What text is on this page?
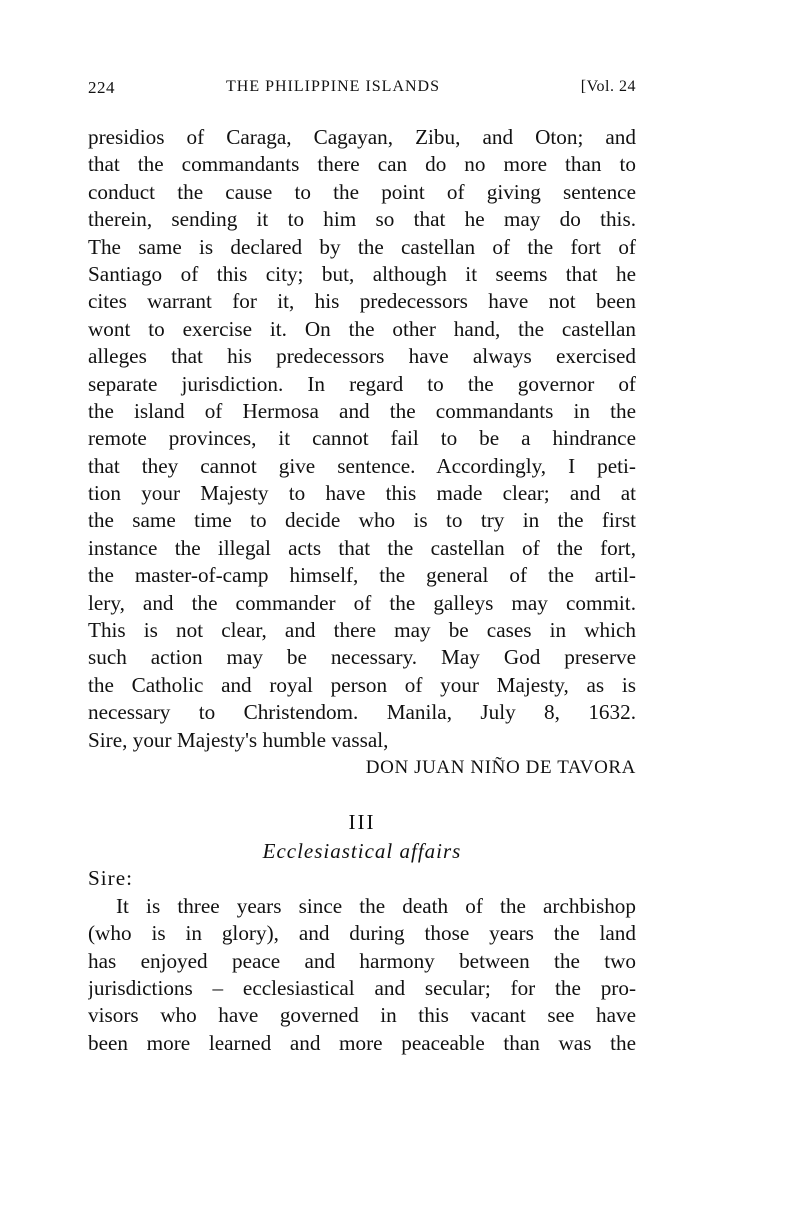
224	THE PHILIPPINE ISLANDS	[Vol. 24
presidios of Caraga, Cagayan, Zibu, and Oton; and
that the commandants there can do no more than to
conduct the cause to the point of giving sentence
therein, sending it to him so that he may do this.
The same is declared by the castellan of the fort of
Santiago of this city; but, although it seems that he
cites warrant for it, his predecessors have not been
wont to exercise it. On the other hand, the castellan
alleges that his predecessors have always exercised
separate jurisdiction. In regard to the governor of
the island of Hermosa and the commandants in the
remote provinces, it cannot fail to be a hindrance
that they cannot give sentence. Accordingly, I peti-
tion your Majesty to have this made clear; and at
the same time to decide who is to try in the first
instance the illegal acts that the castellan of the fort,
the master-of-camp himself, the general of the artil-
lery, and the commander of the galleys may commit.
This is not clear, and there may be cases in which
such action may be necessary. May God preserve
the Catholic and royal person of your Majesty, as is
necessary to Christendom. Manila, July 8, 1632.
Sire, your Majesty's humble vassal,
DON JUAN NIÑO DE TAVORA
III
Ecclesiastical affairs
Sire:
It is three years since the death of the archbishop
(who is in glory), and during those years the land
has enjoyed peace and harmony between the two
jurisdictions – ecclesiastical and secular; for the pro-
visors who have governed in this vacant see have
been more learned and more peaceable than was the
